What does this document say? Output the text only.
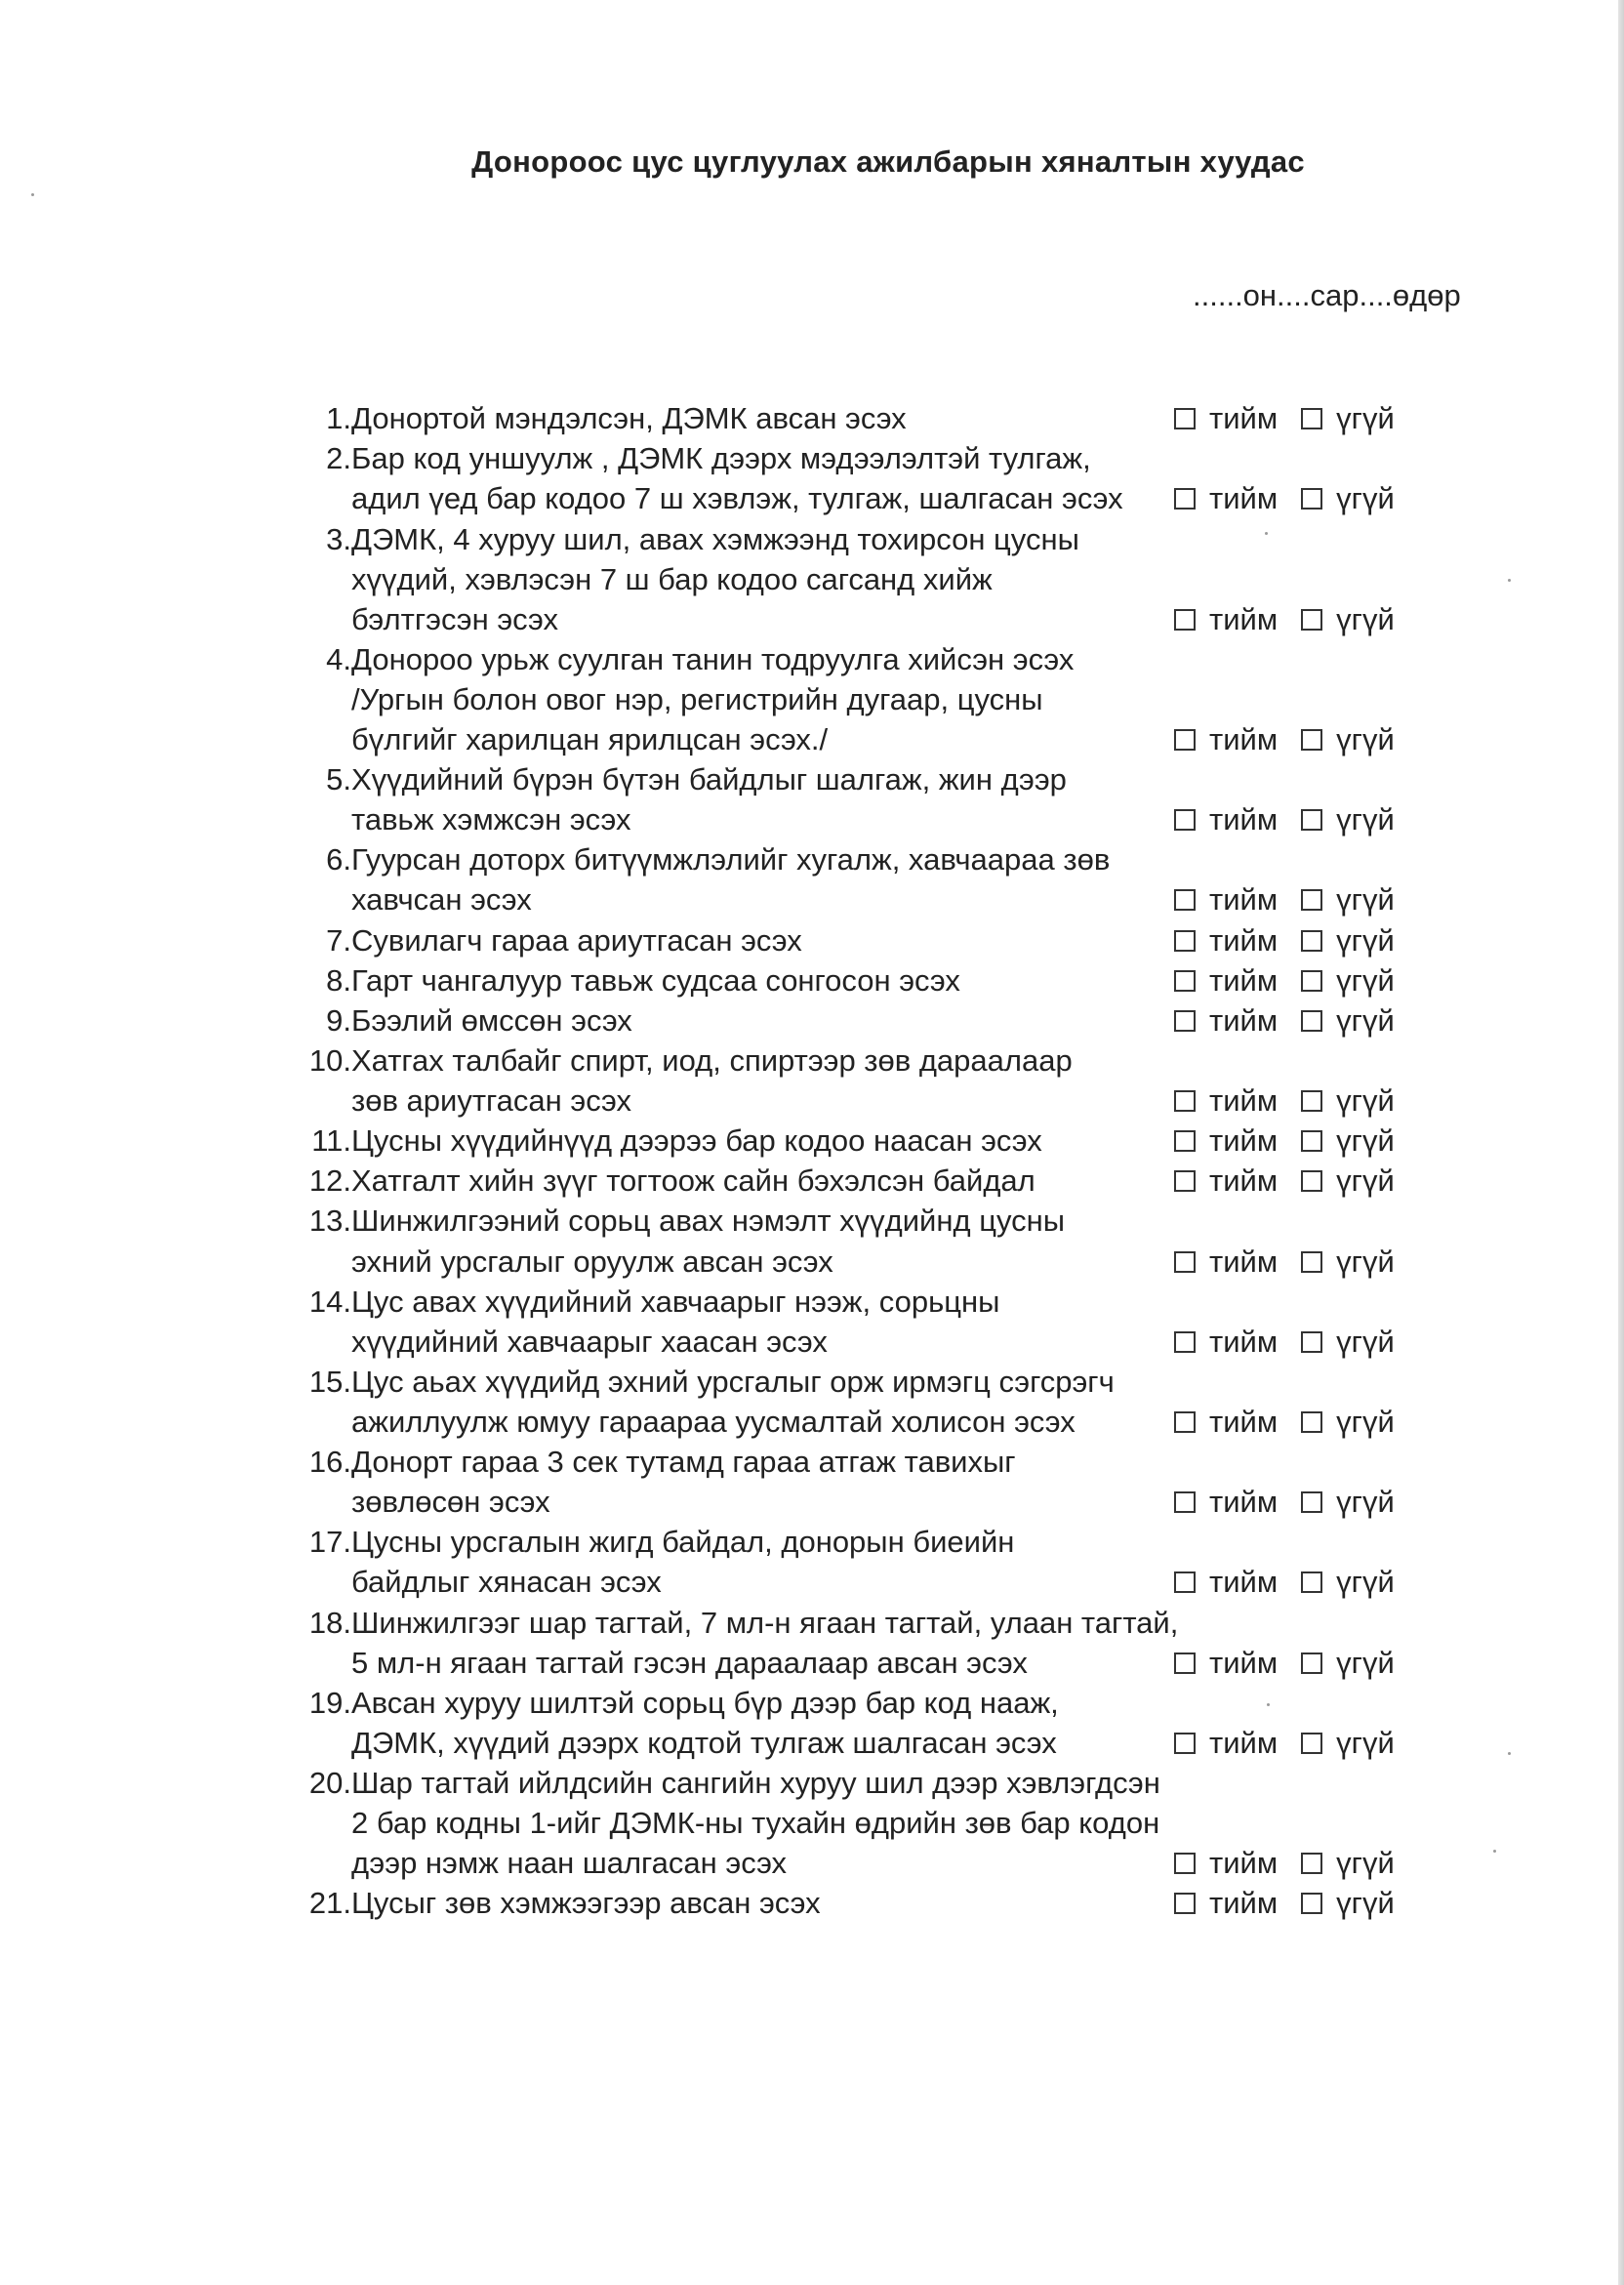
Донороос цус цуглуулах ажилбарын хяналтын хуудас
......он....сар....өдөр
1. Донортой мэндэлсэн, ДЭМК авсан эсэх	тийм үгүй
2. Бар код уншуулж , ДЭМК дээрх мэдээлэлтэй тулгаж,
адил үед бар кодоо 7 ш хэвлэж, тулгаж, шалгасан эсэх	тийм үгүй
3. ДЭМК, 4 хуруу шил, авах хэмжээнд тохирсон цусны
хүүдий, хэвлэсэн 7 ш бар кодоо сагсанд хийж
бэлтгэсэн эсэх	тийм үгүй
4. Донороо урьж суулган танин тодруулга хийсэн эсэх
/Ургын болон овог нэр, регистрийн дугаар, цусны
бүлгийг харилцан ярилцсан эсэх./	тийм үгүй
5. Хүүдийний бүрэн бүтэн байдлыг шалгаж, жин дээр
тавьж хэмжсэн эсэх	тийм үгүй
6. Гуурсан доторх битүүмжлэлийг хугалж, хавчаараа зөв
хавчсан эсэх	тийм үгүй
7. Сувилагч гараа ариутгасан эсэх	тийм үгүй
8. Гарт чангалуур тавьж судсаа сонгосон эсэх	тийм үгүй
9. Бээлий өмссөн эсэх	тийм үгүй
10. Хатгах талбайг спирт, иод, спиртээр зөв дараалаар
зөв ариутгасан эсэх	тийм үгүй
11. Цусны хүүдийнүүд дээрээ бар кодоо наасан эсэх	тийм үгүй
12. Хатгалт хийн зүүг тогтоож сайн бэхэлсэн байдал	тийм үгүй
13. Шинжилгээний сорьц авах нэмэлт хүүдийнд цусны
эхний урсгалыг оруулж авсан эсэх	тийм үгүй
14. Цус авах хүүдийний хавчаарыг нээж, сорьцны
хүүдийний хавчаарыг хаасан эсэх	тийм үгүй
15. Цус аьах хүүдийд эхний урсгалыг орж ирмэгц сэгсрэгч
ажиллуулж юмуу гараараа уусмалтай холисон эсэх	тийм үгүй
16. Донорт гараа 3 сек тутамд гараа атгаж тавихыг
зөвлөсөн эсэх	тийм үгүй
17. Цусны урсгалын жигд байдал, донорын биеийн
байдлыг хянасан эсэх	тийм үгүй
18. Шинжилгээг шар тагтай, 7 мл-н ягаан тагтай, улаан тагтай,
5 мл-н ягаан тагтай гэсэн дараалаар авсан эсэх	тийм үгүй
19. Авсан хуруу шилтэй сорьц бүр дээр бар код нааж,
ДЭМК, хүүдий дээрх кодтой тулгаж шалгасан эсэх	тийм үгүй
20. Шар тагтай ийлдсийн сангийн хуруу шил дээр хэвлэгдсэн
2 бар кодны 1-ийг ДЭМК-ны тухайн өдрийн зөв бар кодон
дээр нэмж наан шалгасан эсэх	тийм үгүй
21. Цусыг зөв хэмжээгээр авсан эсэх	тийм үгүй
